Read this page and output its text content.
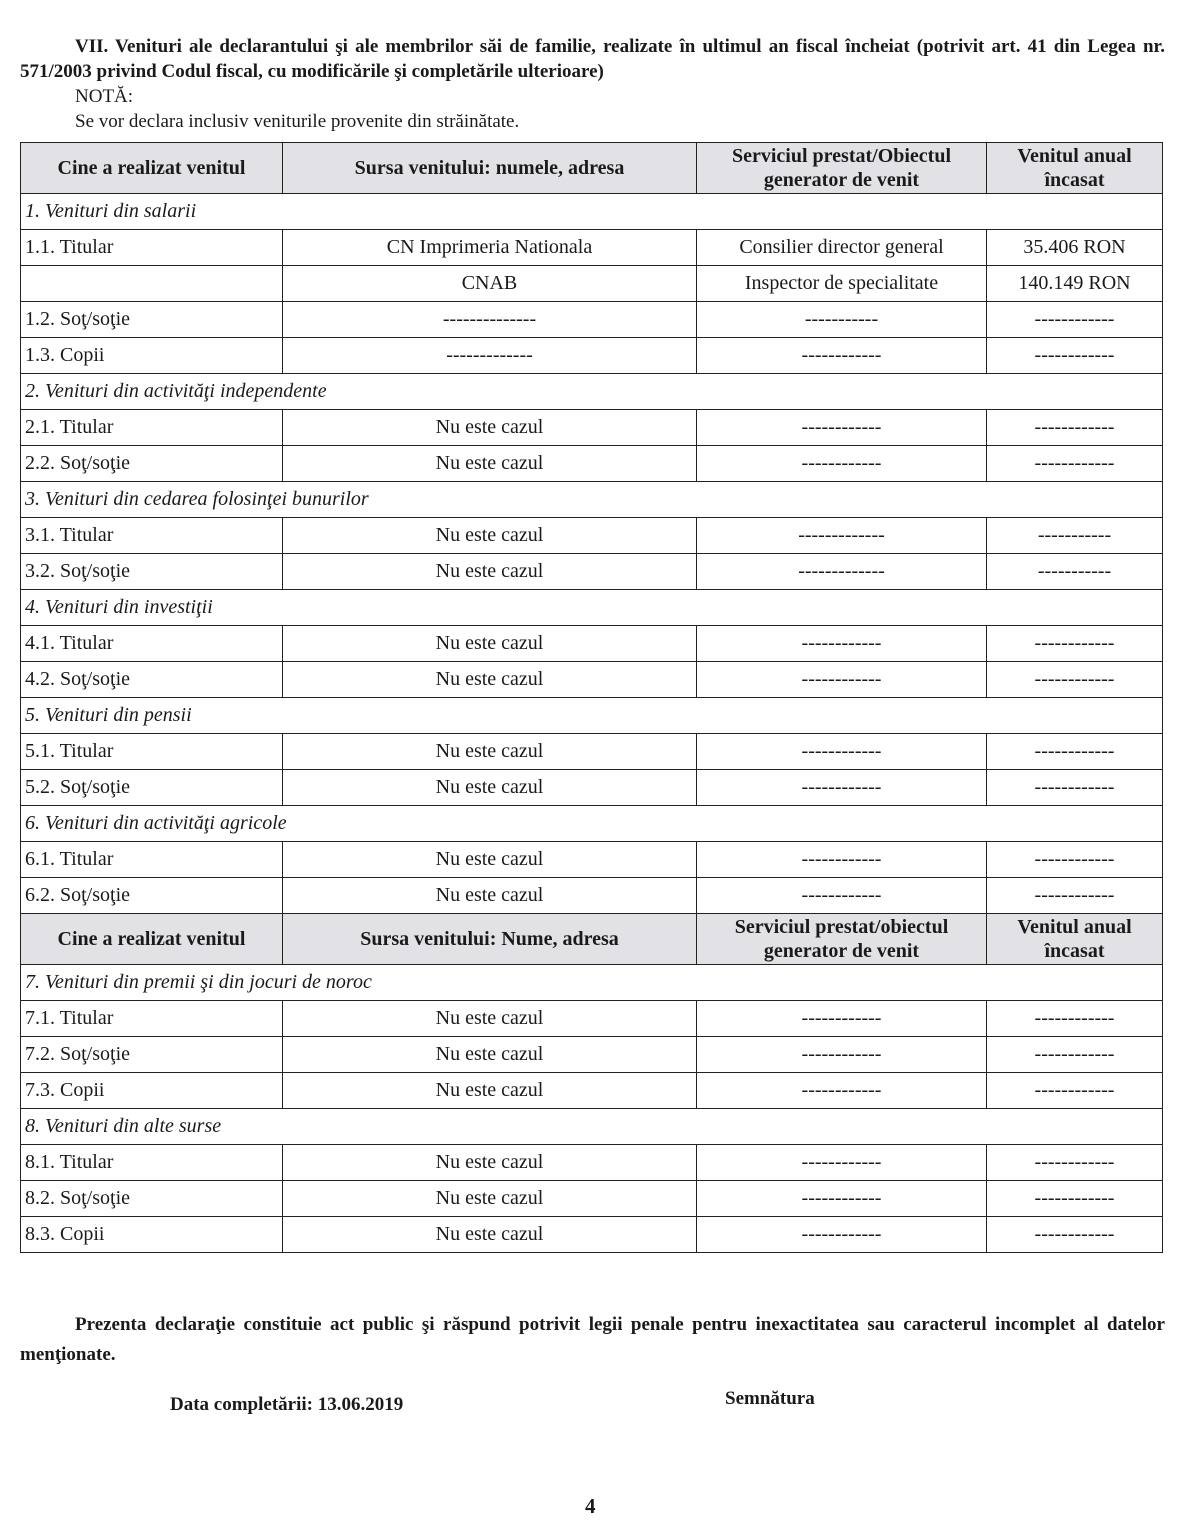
VII. Venituri ale declarantului şi ale membrilor săi de familie, realizate în ultimul an fiscal încheiat (potrivit art. 41 din Legea nr. 571/2003 privind Codul fiscal, cu modificările şi completările ulterioare)

NOTĂ:

Se vor declara inclusiv veniturile provenite din străinătate.

Cine a realizat venitul	Sursa venitului: numele, adresa	Serviciul prestat/Obiectul generator de venit	Venitul anual încasat
1. Venituri din salarii			
1.1. Titular	CN Imprimeria Nationala	Consilier director general	35.406 RON
	CNAB	Inspector de specialitate	140.149 RON
1.2. Soţ/soţie	--------------	-----------	------------
1.3. Copii	-------------	------------	------------
2. Venituri din activităţi independente			
2.1. Titular	Nu este cazul	------------	------------
2.2. Soţ/soţie	Nu este cazul	------------	------------
3. Venituri din cedarea folosinţei bunurilor			
3.1. Titular	Nu este cazul	-------------	-----------
3.2. Soţ/soţie	Nu este cazul	-------------	-----------
4. Venituri din investiţii			
4.1. Titular	Nu este cazul	------------	------------
4.2. Soţ/soţie	Nu este cazul	------------	------------
5. Venituri din pensii			
5.1. Titular	Nu este cazul	------------	------------
5.2. Soţ/soţie	Nu este cazul	------------	------------
6. Venituri din activităţi agricole			
6.1. Titular	Nu este cazul	------------	------------
6.2. Soţ/soţie	Nu este cazul	------------	------------
Cine a realizat venitul	Sursa venitului: Nume, adresa	Serviciul prestat/obiectul generator de venit	Venitul anual încasat
7. Venituri din premii şi din jocuri de noroc			
7.1. Titular	Nu este cazul	------------	------------
7.2. Soţ/soţie	Nu este cazul	------------	------------
7.3. Copii	Nu este cazul	------------	------------
8. Venituri din alte surse			
8.1. Titular	Nu este cazul	------------	------------
8.2. Soţ/soţie	Nu este cazul	------------	------------
8.3. Copii	Nu este cazul	------------	------------

Prezenta declaraţie constituie act public şi răspund potrivit legii penale pentru inexactitatea sau caracterul incomplet al datelor menţionate.

Data completării: 13.06.2019	Semnătura
4
